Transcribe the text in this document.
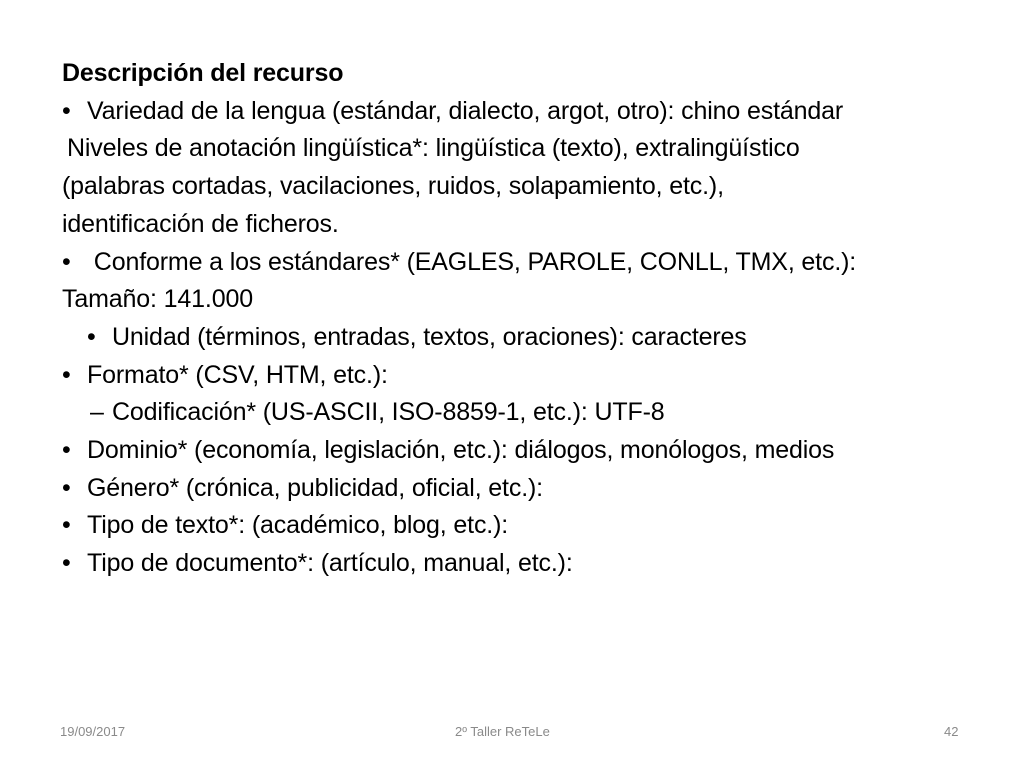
Descripción del recurso
• Variedad de la lengua (estándar, dialecto, argot, otro): chino estándar
Niveles de anotación lingüística*: lingüística (texto), extralingüístico
(palabras cortadas, vacilaciones, ruidos, solapamiento, etc.),
identificación de ficheros.
• Conforme a los estándares* (EAGLES, PAROLE, CONLL, TMX, etc.):
Tamaño: 141.000
• Unidad (términos, entradas, textos, oraciones): caracteres
• Formato* (CSV, HTM, etc.):
– Codificación* (US-ASCII, ISO-8859-1, etc.): UTF-8
• Dominio* (economía, legislación, etc.): diálogos, monólogos, medios
• Género* (crónica, publicidad, oficial, etc.):
• Tipo de texto*: (académico, blog, etc.):
• Tipo de documento*: (artículo, manual, etc.):
19/09/2017	2º Taller ReTeLe	42
